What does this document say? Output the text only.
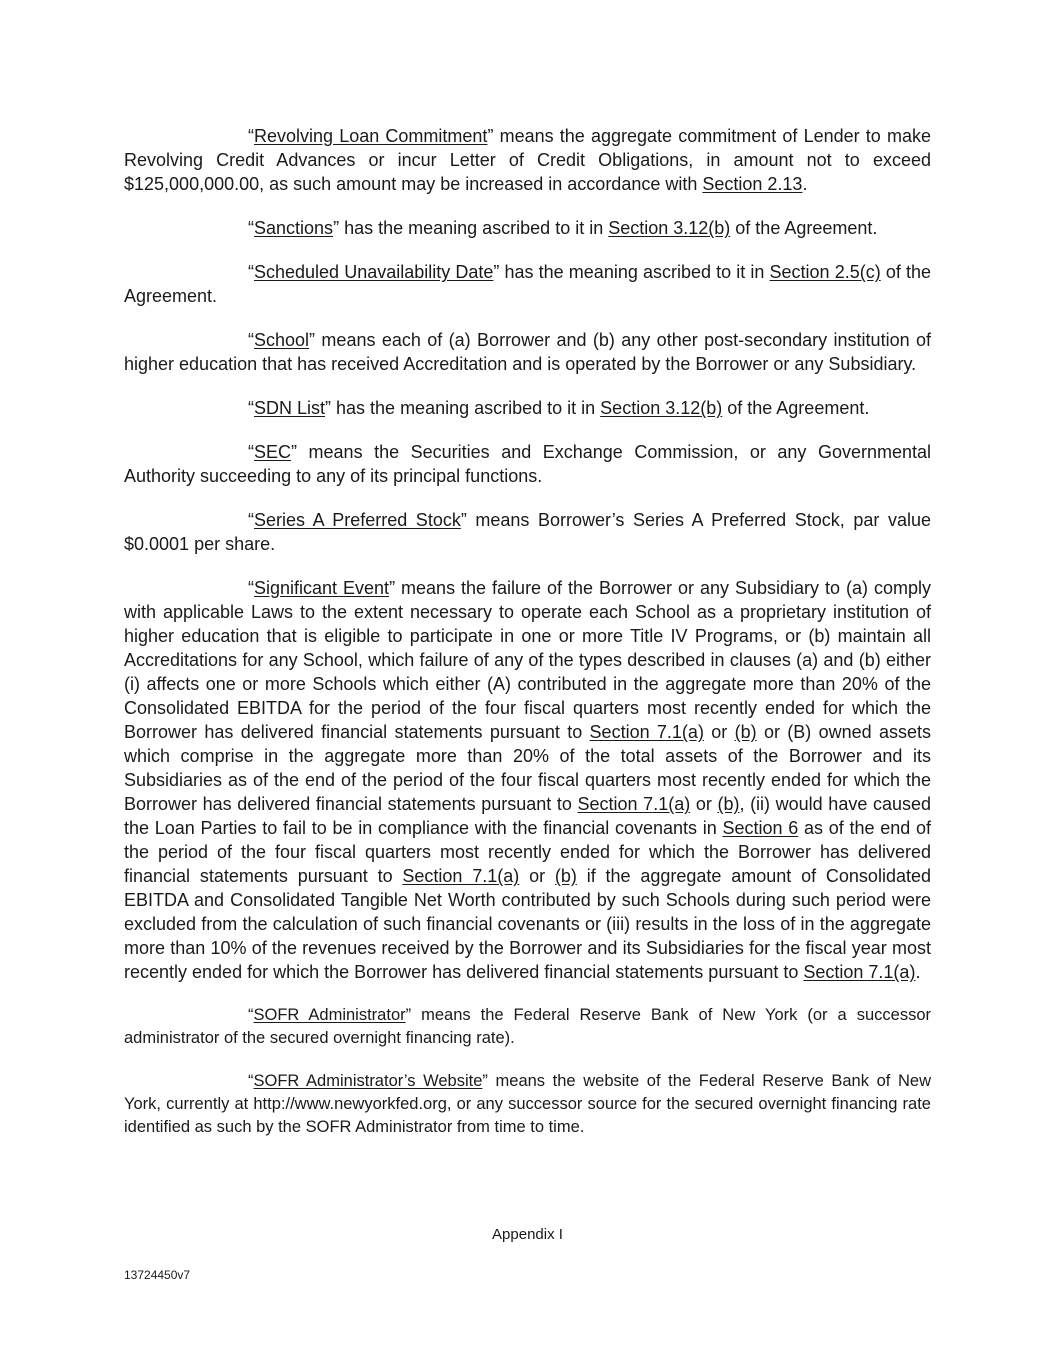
“Revolving Loan Commitment” means the aggregate commitment of Lender to make Revolving Credit Advances or incur Letter of Credit Obligations, in amount not to exceed $125,000,000.00, as such amount may be increased in accordance with Section 2.13.

“Sanctions” has the meaning ascribed to it in Section 3.12(b) of the Agreement.

“Scheduled Unavailability Date” has the meaning ascribed to it in Section 2.5(c) of the Agreement.

“School” means each of (a) Borrower and (b) any other post-secondary institution of higher education that has received Accreditation and is operated by the Borrower or any Subsidiary.

“SDN List” has the meaning ascribed to it in Section 3.12(b) of the Agreement.

“SEC” means the Securities and Exchange Commission, or any Governmental Authority succeeding to any of its principal functions.

“Series A Preferred Stock” means Borrower’s Series A Preferred Stock, par value $0.0001 per share.

“Significant Event” means the failure of the Borrower or any Subsidiary to (a) comply with applicable Laws to the extent necessary to operate each School as a proprietary institution of higher education that is eligible to participate in one or more Title IV Programs, or (b) maintain all Accreditations for any School, which failure of any of the types described in clauses (a) and (b) either (i) affects one or more Schools which either (A) contributed in the aggregate more than 20% of the Consolidated EBITDA for the period of the four fiscal quarters most recently ended for which the Borrower has delivered financial statements pursuant to Section 7.1(a) or (b) or (B) owned assets which comprise in the aggregate more than 20% of the total assets of the Borrower and its Subsidiaries as of the end of the period of the four fiscal quarters most recently ended for which the Borrower has delivered financial statements pursuant to Section 7.1(a) or (b), (ii) would have caused the Loan Parties to fail to be in compliance with the financial covenants in Section 6 as of the end of the period of the four fiscal quarters most recently ended for which the Borrower has delivered financial statements pursuant to Section 7.1(a) or (b) if the aggregate amount of Consolidated EBITDA and Consolidated Tangible Net Worth contributed by such Schools during such period were excluded from the calculation of such financial covenants or (iii) results in the loss of in the aggregate more than 10% of the revenues received by the Borrower and its Subsidiaries for the fiscal year most recently ended for which the Borrower has delivered financial statements pursuant to Section 7.1(a).

“SOFR Administrator” means the Federal Reserve Bank of New York (or a successor administrator of the secured overnight financing rate).

“SOFR Administrator’s Website” means the website of the Federal Reserve Bank of New York, currently at http://www.newyorkfed.org, or any successor source for the secured overnight financing rate identified as such by the SOFR Administrator from time to time.

Appendix I
13724450v7
